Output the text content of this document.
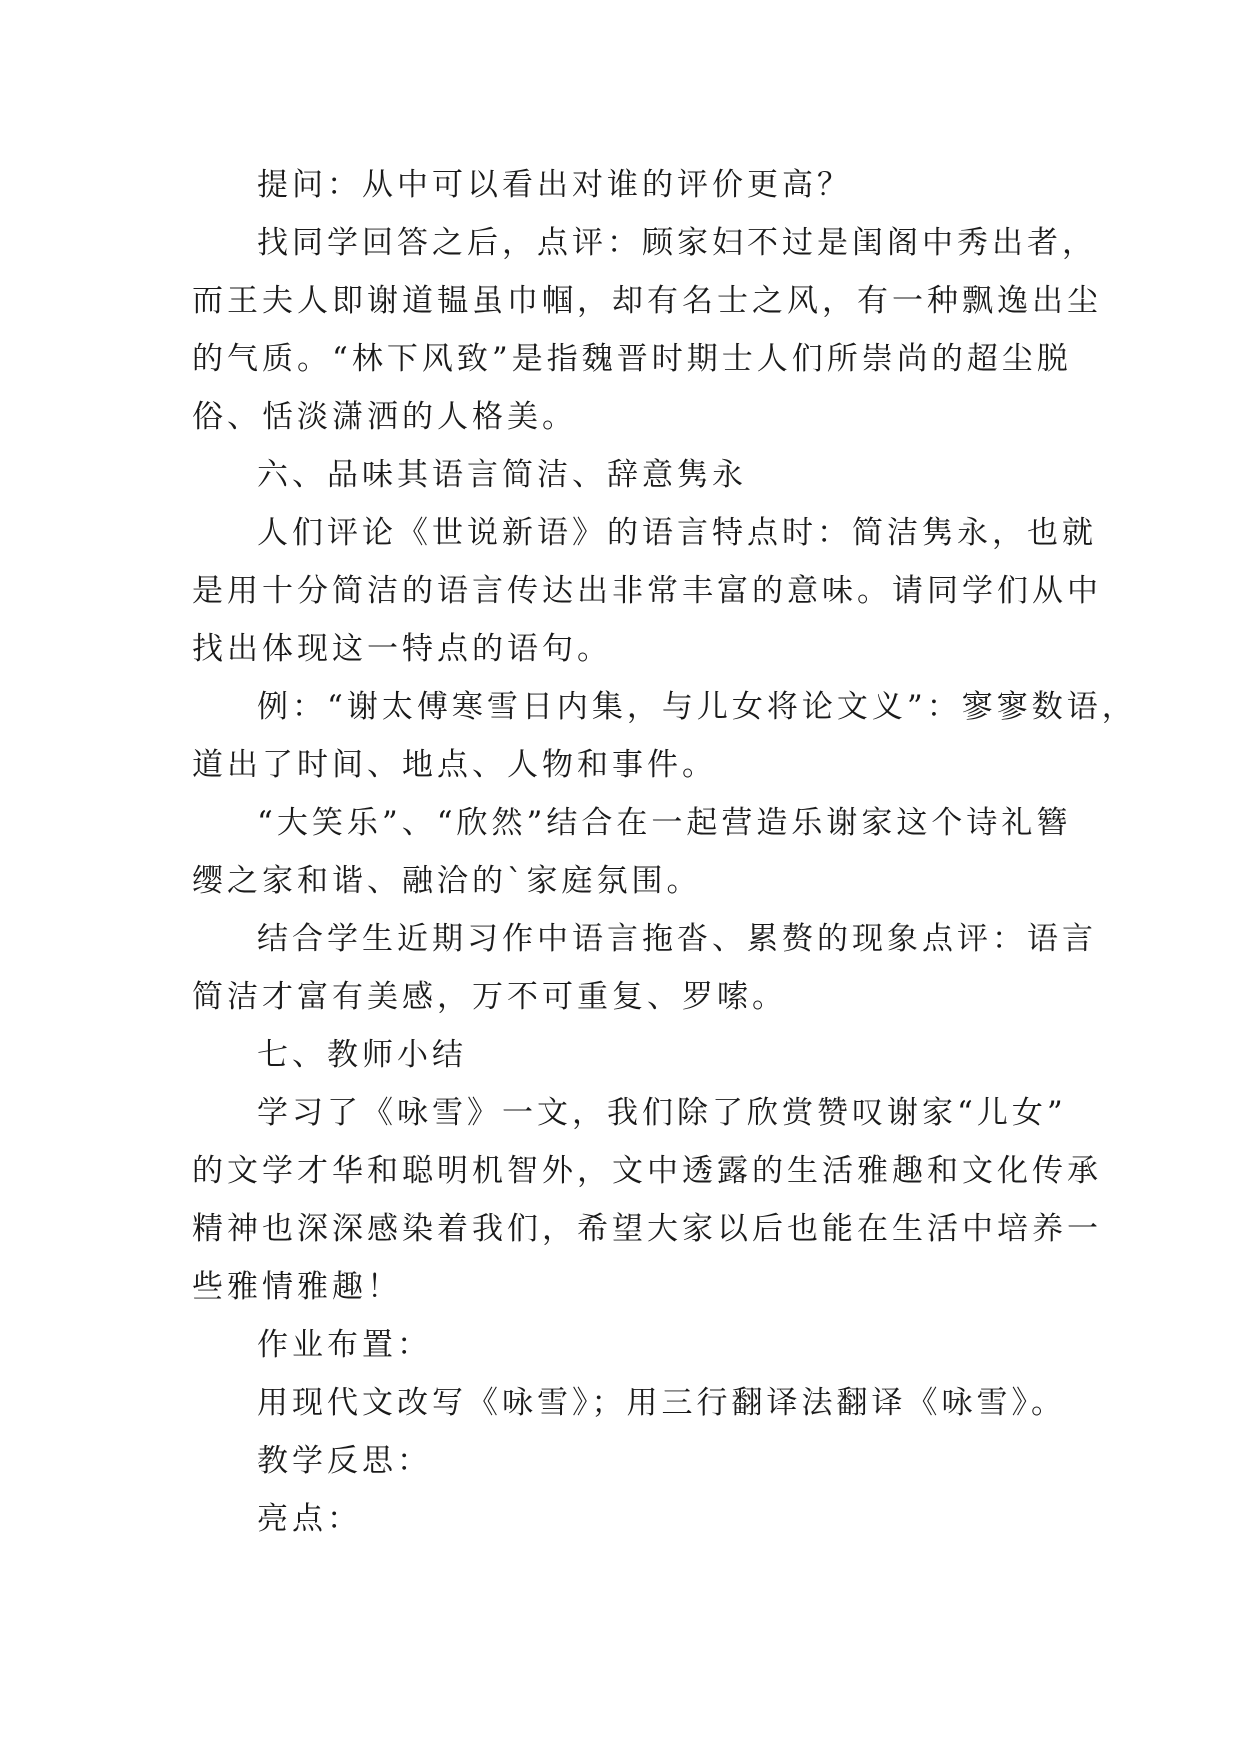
提问：从中可以看出对谁的评价更高？
找同学回答之后，点评：顾家妇不过是闺阁中秀出者，
而王夫人即谢道韫虽巾帼，却有名士之风，有一种飘逸出尘
的气质。“林下风致”是指魏晋时期士人们所崇尚的超尘脱
俗、恬淡潇洒的人格美。
六、品味其语言简洁、辞意隽永
人们评论《世说新语》的语言特点时：简洁隽永，也就
是用十分简洁的语言传达出非常丰富的意味。请同学们从中
找出体现这一特点的语句。
例：“谢太傅寒雪日内集，与儿女将论文义”：寥寥数语，
道出了时间、地点、人物和事件。
“大笑乐”、“欣然”结合在一起营造乐谢家这个诗礼簪
缨之家和谐、融洽的`家庭氛围。
结合学生近期习作中语言拖沓、累赘的现象点评：语言
简洁才富有美感，万不可重复、罗嗦。
七、教师小结
学习了《咏雪》一文，我们除了欣赏赞叹谢家“儿女”
的文学才华和聪明机智外，文中透露的生活雅趣和文化传承
精神也深深感染着我们，希望大家以后也能在生活中培养一
些雅情雅趣！
作业布置：
用现代文改写《咏雪》；用三行翻译法翻译《咏雪》。
教学反思：
亮点：
